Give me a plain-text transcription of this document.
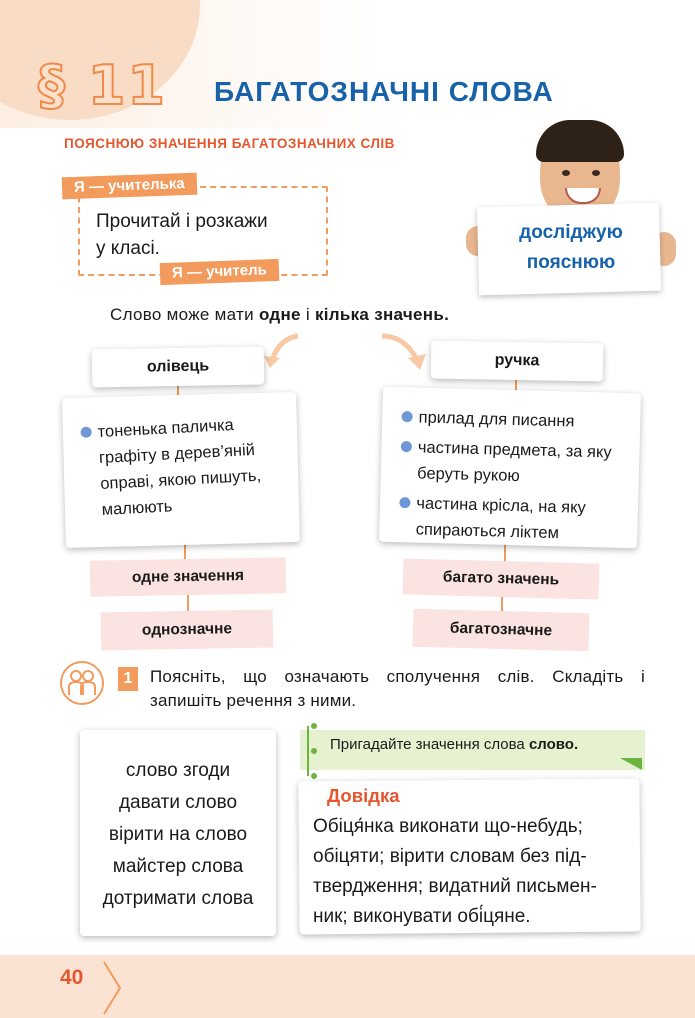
§ 11 БАГАТОЗНАЧНІ СЛОВА
ПОЯСНЮЮ ЗНАЧЕННЯ БАГАТОЗНАЧНИХ СЛІВ
Я — учителька
Прочитай і розкажи
у класі.
Я — учитель
досліджую
пояснюю
Слово може мати одне і кілька значень.
олівець
тоненька паличка
графіту в дерев’яній
оправі, якою пишуть,
малюють
одне значення
однозначне
ручка
прилад для писання
частина предмета, за яку беруть рукою
частина крісла, на яку спираються ліктем
багато значень
багатозначне
1	Поясніть, що означають сполучення слів. Складіть і запишіть речення з ними.
слово згоди
давати слово
вірити на слово
майстер слова
дотримати слова
Пригадайте значення слова слово.
Довідка
Обіця́нка виконати що-небудь;
обіцяти; вірити словам без під-
твердження; видатний письмен-
ник; виконувати обі́цяне.
40
